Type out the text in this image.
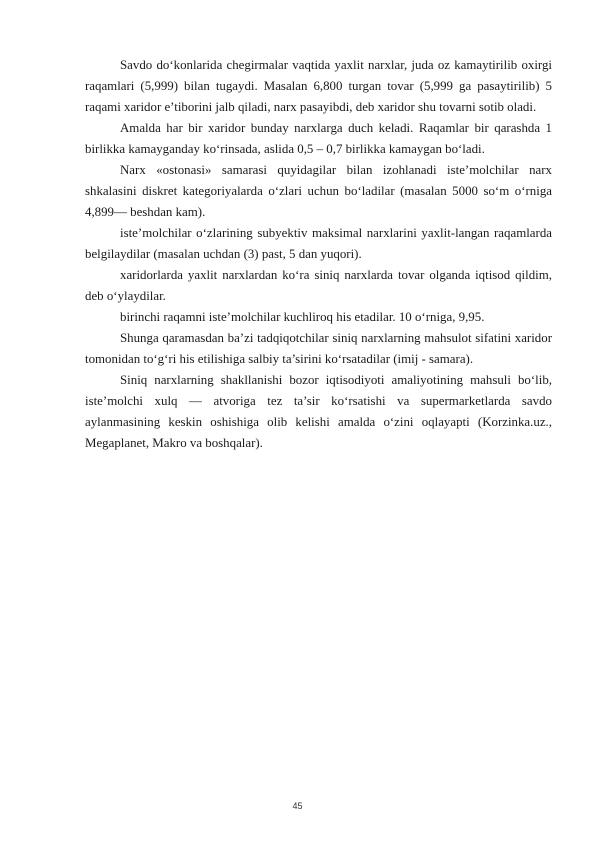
Savdo do‘konlarida chegirmalar vaqtida yaxlit narxlar, juda oz kamaytirilib oxirgi raqamlari (5,999) bilan tugaydi. Masalan 6,800 turgan tovar (5,999 ga pasaytirilib) 5 raqami xaridor e’tiborini jalb qiladi, narx pasayibdi, deb xaridor shu tovarni sotib oladi.

Amalda har bir xaridor bunday narxlarga duch keladi. Raqamlar bir qarashda 1 birlikka kamayganday ko‘rinsada, aslida 0,5 – 0,7 birlikka kamaygan bo‘ladi.

Narx «ostonasi» samarasi quyidagilar bilan izohlanadi iste’molchilar narx shkalasini diskret kategoriyalarda o‘zlari uchun bo‘ladilar (masalan 5000 so‘m o‘rniga 4,899— beshdan kam).

iste’molchilar o‘zlarining subyektiv maksimal narxlarini yaxlit-langan raqamlarda belgilaydilar (masalan uchdan (3) past, 5 dan yuqori).

xaridorlarda yaxlit narxlardan ko‘ra siniq narxlarda tovar olganda iqtisod qildim, deb o‘ylaydilar.

birinchi raqamni iste’molchilar kuchliroq his etadilar. 10 o‘rniga, 9,95.

Shunga qaramasdan ba’zi tadqiqotchilar siniq narxlarning mahsulot sifatini xaridor tomonidan to‘g‘ri his etilishiga salbiy ta’sirini ko‘rsatadilar (imij - samara).

Siniq narxlarning shakllanishi bozor iqtisodiyoti amaliyotining mahsuli bo‘lib, iste’molchi xulq — atvoriga tez ta’sir ko‘rsatishi va supermarketlarda savdo aylanmasining keskin oshishiga olib kelishi amalda o‘zini oqlayapti (Korzinka.uz., Megaplanet, Makro va boshqalar).

45
